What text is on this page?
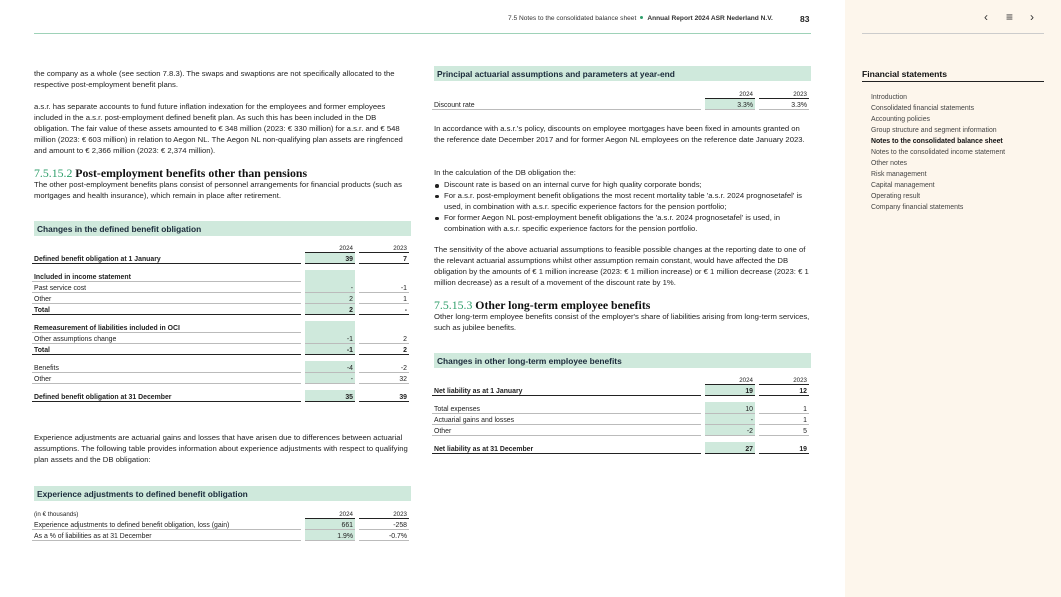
7.5 Notes to the consolidated balance sheet Annual Report 2024 ASR Nederland N.V.	83

the company as a whole (see section 7.8.3). The swaps and swaptions are not specifically allocated to the respective post-employment benefit plans.

a.s.r. has separate accounts to fund future inflation indexation for the employees and former employees included in the a.s.r. post-employment defined benefit plan. As such this has been included in the DB obligation. The fair value of these assets amounted to € 348 million (2023: € 330 million) for a.s.r. and € 548 million (2023: € 603 million) in relation to Aegon NL. The Aegon NL non-qualifying plan assets are ringfenced and amount to € 2,366 million (2023: € 2,374 million).

7.5.15.2 Post-employment benefits other than pensions

The other post-employment benefits plans consist of personnel arrangements for financial products (such as mortgages and health insurance), which remain in place after retirement.

Changes in the defined benefit obligation
		2024		2023
Defined benefit obligation at 1 January		39		7

Included in income statement				
Past service cost		-		-1
Other		2		1
Total		2		-

Remeasurement of liabilities included in OCI				
Other assumptions change		-1		2
Total		-1		2

Benefits		-4		-2
Other		-		32

Defined benefit obligation at 31 December		35		39

Experience adjustments are actuarial gains and losses that have arisen due to differences between actuarial assumptions. The following table provides information about experience adjustments with respect to qualifying plan assets and the DB obligation:

Experience adjustments to defined benefit obligation
(in € thousands)		2024		2023
Experience adjustments to defined benefit obligation, loss (gain)		661		-258
As a % of liabilities as at 31 December		1.9%		-0.7%
Principal actuarial assumptions and parameters at year-end
		2024		2023
Discount rate		3.3%		3.3%

In accordance with a.s.r.'s policy, discounts on employee mortgages have been fixed in amounts granted on the reference date December 2017 and for former Aegon NL employees on the reference date January 2023.

In the calculation of the DB obligation the:

Discount rate is based on an internal curve for high quality corporate bonds;
For a.s.r. post-employment benefit obligations the most recent mortality table 'a.s.r. 2024 prognosetafel' is used, in combination with a.s.r. specific experience factors for the pension portfolio;
For former Aegon NL post-employment benefit obligations the 'a.s.r. 2024 prognosetafel' is used, in combination with a.s.r. specific experience factors for the pension portfolio.

The sensitivity of the above actuarial assumptions to feasible possible changes at the reporting date to one of the relevant actuarial assumptions whilst other assumption remain constant, would have affected the DB obligation by the amounts of € 1 million increase (2023: € 1 million increase) or € 1 million decrease (2023: € 1 million decrease) as a result of a movement of the discount rate by 1%.

7.5.15.3 Other long-term employee benefits

Other long-term employee benefits consist of the employer's share of liabilities arising from long-term services, such as jubilee benefits.

Changes in other long-term employee benefits
		2024		2023
Net liability as at 1 January		19		12

Total expenses		10		1
Actuarial gains and losses		-		1
Other		-2		5

Net liability as at 31 December		27		19
‹ ≡ ›
Financial statements
Introduction
Consolidated financial statements
Accounting policies
Group structure and segment information
Notes to the consolidated balance sheet
Notes to the consolidated income statement
Other notes
Risk management
Capital management
Operating result
Company financial statements
